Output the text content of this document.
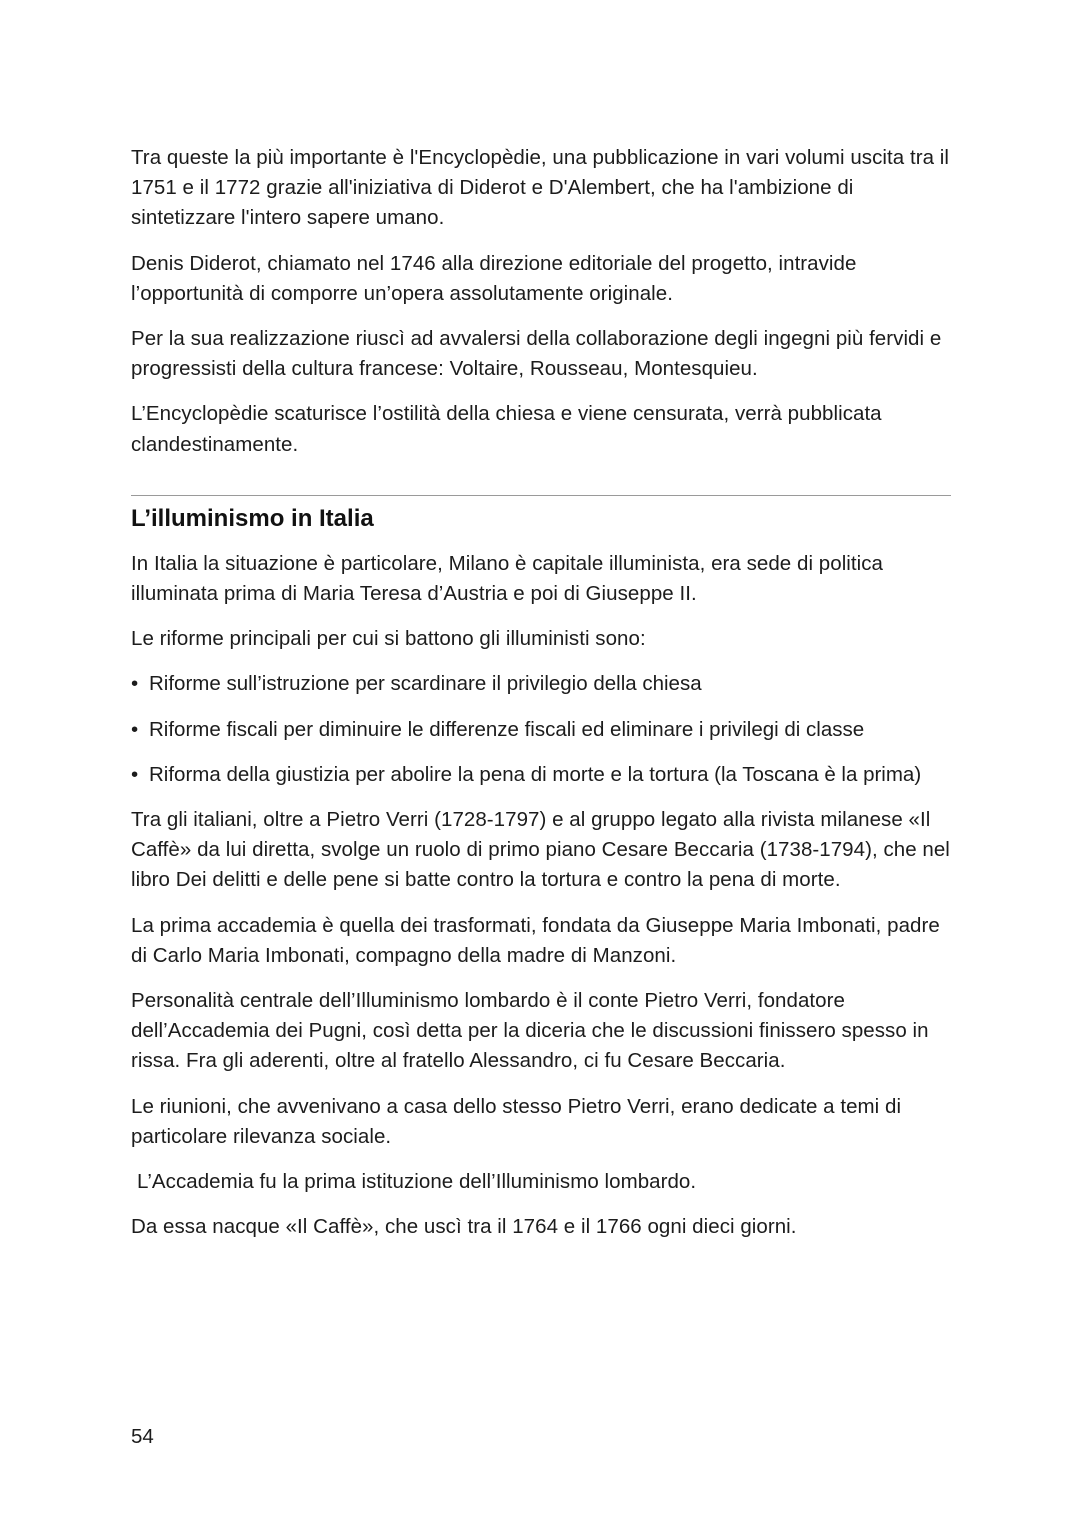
Tra queste la più importante è l'Encyclopèdie, una pubblicazione in vari volumi uscita tra il 1751 e il 1772 grazie all'iniziativa di Diderot e D'Alembert, che ha l'ambizione di sintetizzare l'intero sapere umano.

Denis Diderot, chiamato nel 1746 alla direzione editoriale del progetto, intravide l’opportunità di comporre un’opera assolutamente originale.

Per la sua realizzazione riuscì ad avvalersi della collaborazione degli ingegni più fervidi e progressisti della cultura francese: Voltaire, Rousseau, Montesquieu.

L’Encyclopèdie scaturisce l’ostilità della chiesa e viene censurata, verrà pubblicata clandestinamente.

L’illuminismo in Italia

In Italia la situazione è particolare, Milano è capitale illuminista, era sede di politica illuminata prima di Maria Teresa d’Austria e poi di Giuseppe II.

Le riforme principali per cui si battono gli illuministi sono:

• Riforme sull’istruzione per scardinare il privilegio della chiesa
• Riforme fiscali per diminuire le differenze fiscali ed eliminare i privilegi di classe
• Riforma della giustizia per abolire la pena di morte e la tortura (la Toscana è la prima)

Tra gli italiani, oltre a Pietro Verri (1728-1797) e al gruppo legato alla rivista milanese «Il Caffè» da lui diretta, svolge un ruolo di primo piano Cesare Beccaria (1738-1794), che nel libro Dei delitti e delle pene si batte contro la tortura e contro la pena di morte.

La prima accademia è quella dei trasformati, fondata da Giuseppe Maria Imbonati, padre di Carlo Maria Imbonati, compagno della madre di Manzoni.

Personalità centrale dell’Illuminismo lombardo è il conte Pietro Verri, fondatore dell’Accademia dei Pugni, così detta per la diceria che le discussioni finissero spesso in rissa. Fra gli aderenti, oltre al fratello Alessandro, ci fu Cesare Beccaria.

Le riunioni, che avvenivano a casa dello stesso Pietro Verri, erano dedicate a temi di particolare rilevanza sociale.

L’Accademia fu la prima istituzione dell’Illuminismo lombardo.

Da essa nacque «Il Caffè», che uscì tra il 1764 e il 1766 ogni dieci giorni.

54
